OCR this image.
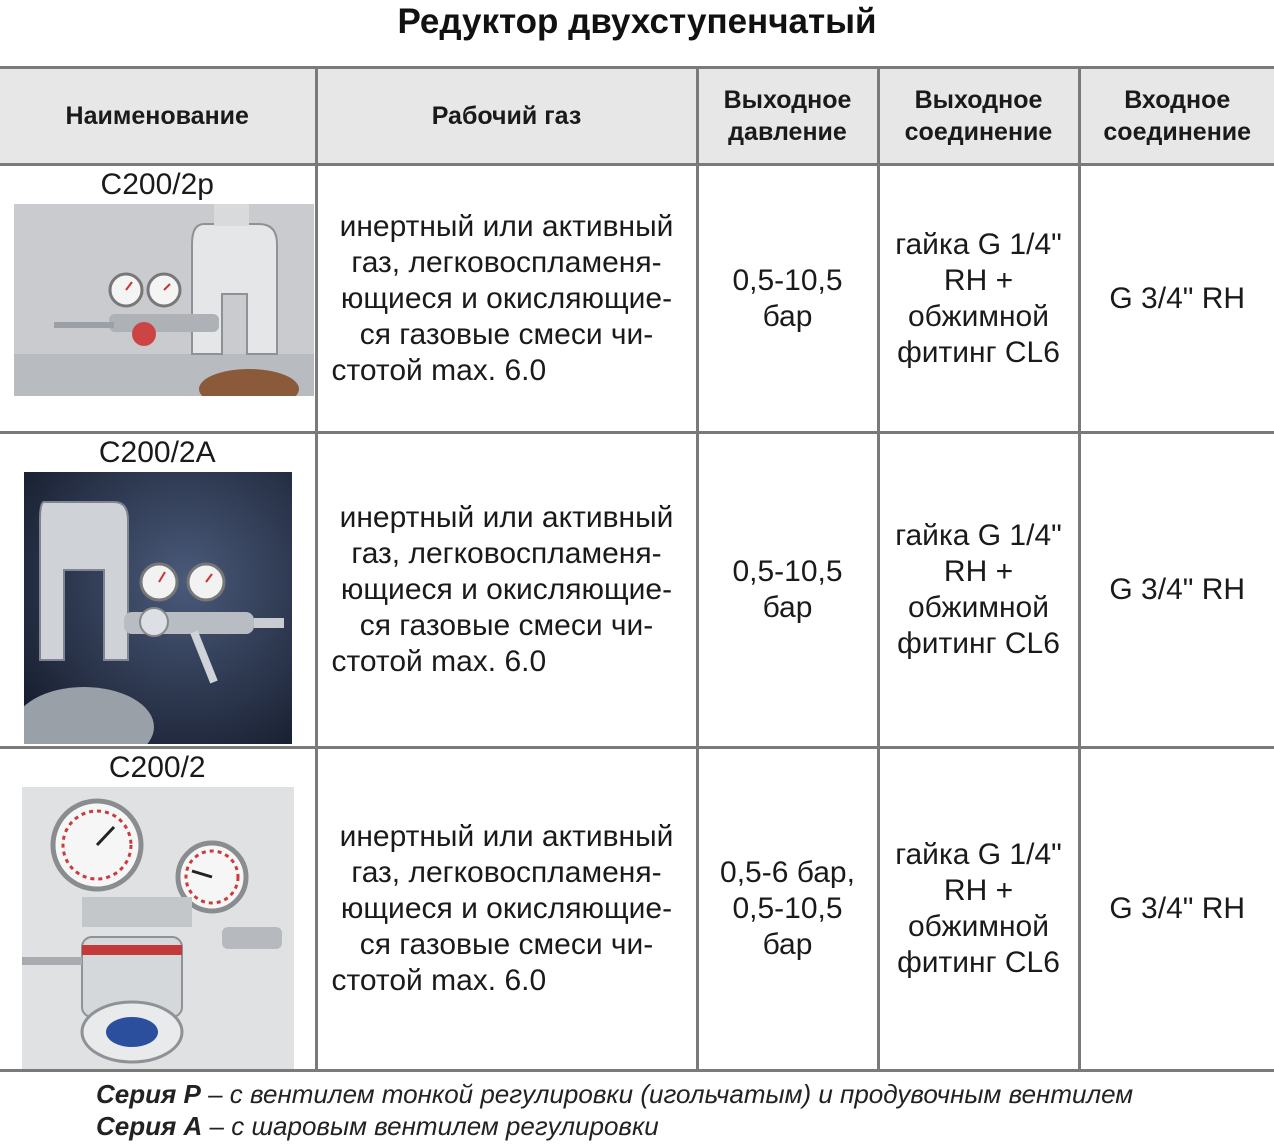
Редуктор двухступенчатый
Наименование	Рабочий газ	Выходное давление	Выходное соединение	Входное соединение

С200/2р	инертный или активный газ, легковоспламеня-ющиеся и окисляющие-ся газовые смеси чи-стотой max. 6.0	0,5-10,5 бар	гайка G 1/4" RH + обжимной фитинг CL6	G 3/4" RH

С200/2А	инертный или активный газ, легковоспламеня-ющиеся и окисляющие-ся газовые смеси чи-стотой max. 6.0	0,5-10,5 бар	гайка G 1/4" RH + обжимной фитинг CL6	G 3/4" RH

С200/2	инертный или активный газ, легковоспламеня-ющиеся и окисляющие-ся газовые смеси чи-стотой max. 6.0	0,5-6 бар, 0,5-10,5 бар	гайка G 1/4" RH + обжимной фитинг CL6	G 3/4" RH
Серия P – с вентилем тонкой регулировки (игольчатым) и продувочным вентилем
Серия A – с шаровым вентилем регулировки
